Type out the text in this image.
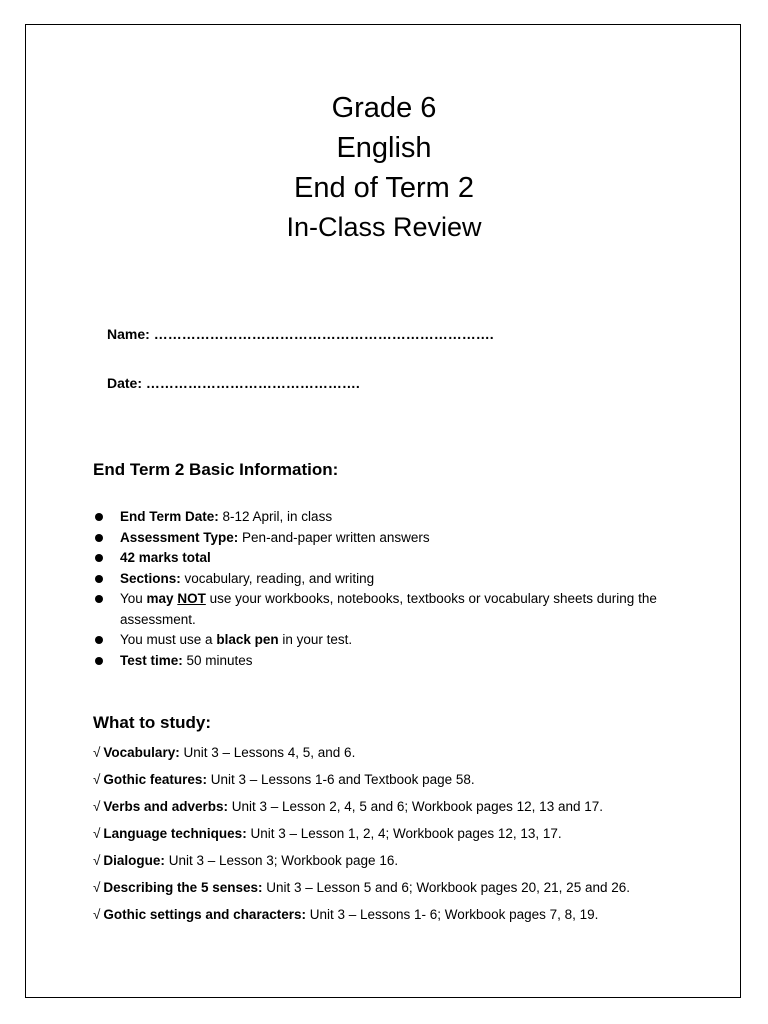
Grade 6
English
End of Term 2
In-Class Review
Name: ……………………………………………………………….
Date: ……………………………………….
End Term 2 Basic Information:
End Term Date: 8-12 April, in class
Assessment Type: Pen-and-paper written answers
42 marks total
Sections: vocabulary, reading, and writing
You may NOT use your workbooks, notebooks, textbooks or vocabulary sheets during the assessment.
You must use a black pen in your test.
Test time: 50 minutes
What to study:
√ Vocabulary: Unit 3 – Lessons 4, 5, and 6.
√ Gothic features: Unit 3 – Lessons 1-6 and Textbook page 58.
√ Verbs and adverbs: Unit 3 – Lesson 2, 4, 5 and 6; Workbook pages 12, 13 and 17.
√ Language techniques: Unit 3 – Lesson 1, 2, 4; Workbook pages 12, 13, 17.
√ Dialogue: Unit 3 – Lesson 3; Workbook page 16.
√ Describing the 5 senses: Unit 3 – Lesson 5 and 6; Workbook pages 20, 21, 25 and 26.
√ Gothic settings and characters: Unit 3 – Lessons 1- 6; Workbook pages 7, 8, 19.
